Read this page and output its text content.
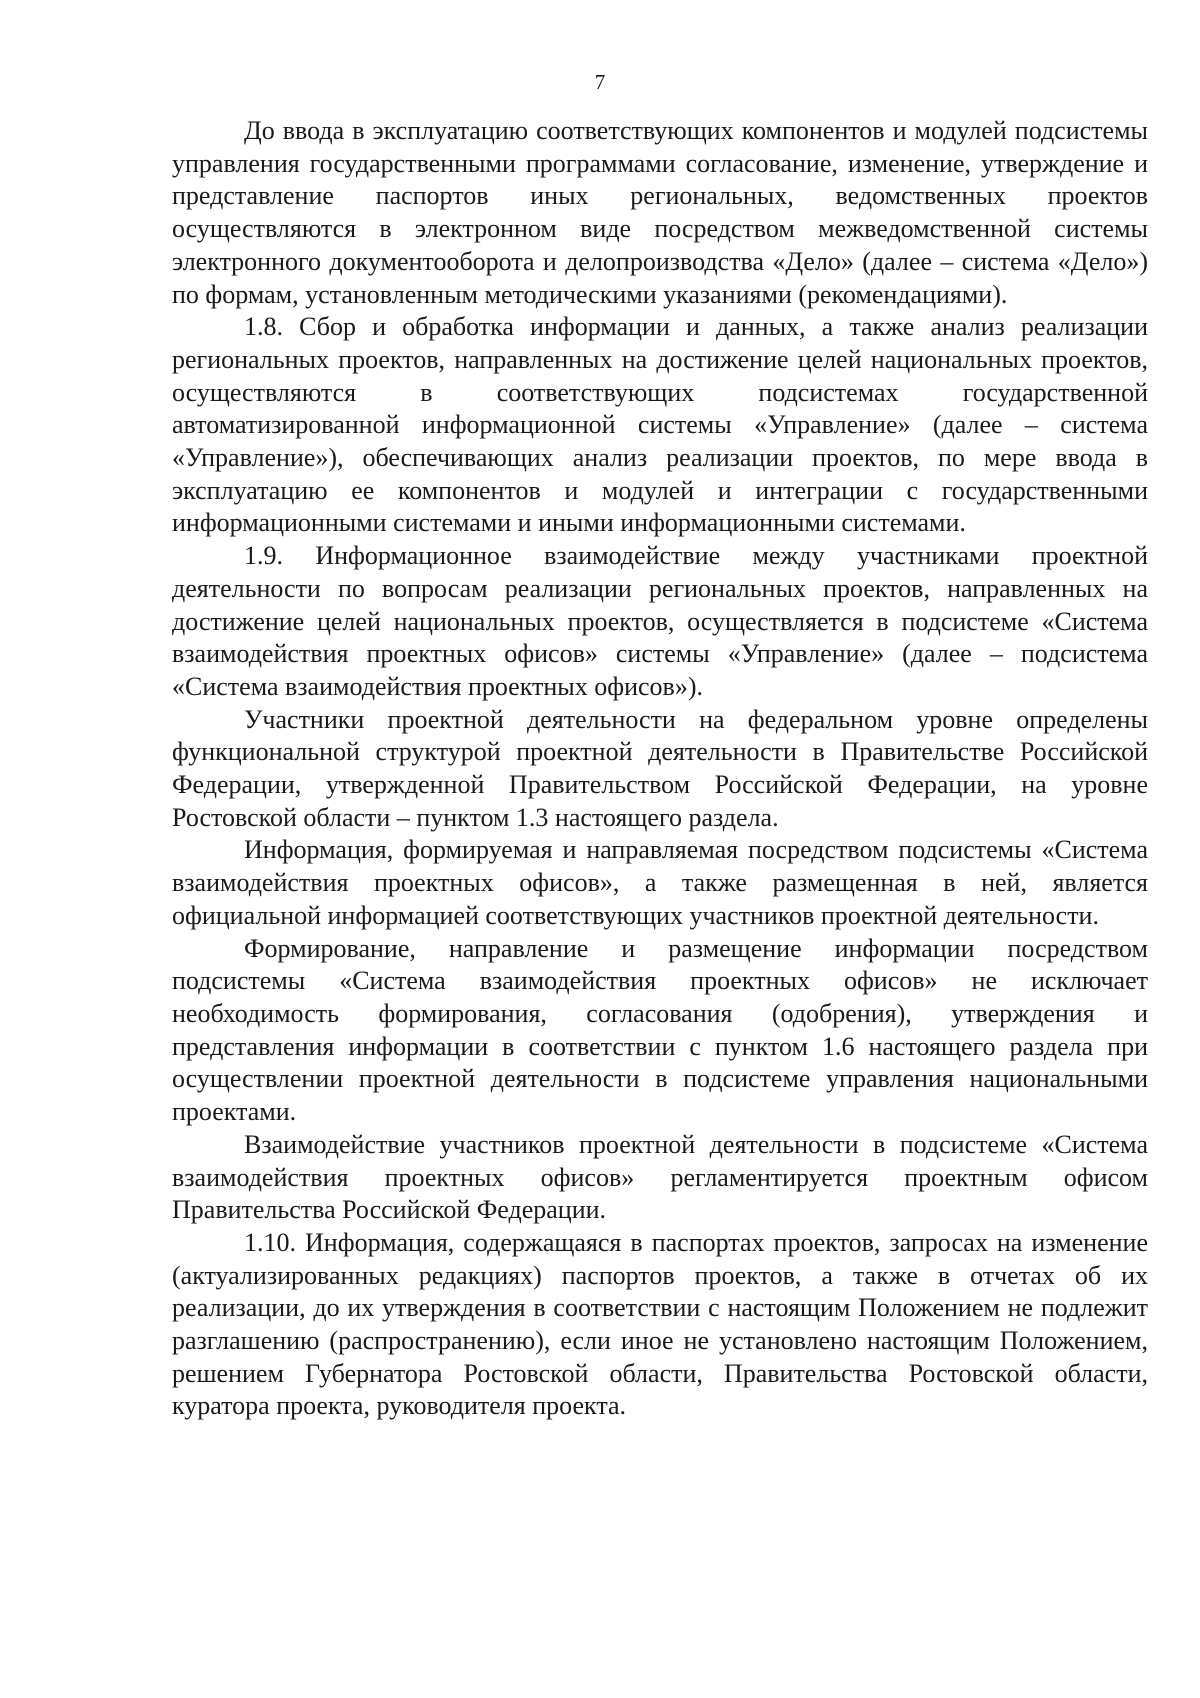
7

До ввода в эксплуатацию соответствующих компонентов и модулей подсистемы управления государственными программами согласование, изменение, утверждение и представление паспортов иных региональных, ведомственных проектов осуществляются в электронном виде посредством межведомственной системы электронного документооборота и делопроизводства «Дело» (далее – система «Дело») по формам, установленным методическими указаниями (рекомендациями).

1.8. Сбор и обработка информации и данных, а также анализ реализации региональных проектов, направленных на достижение целей национальных проектов, осуществляются в соответствующих подсистемах государственной автоматизированной информационной системы «Управление» (далее – система «Управление»), обеспечивающих анализ реализации проектов, по мере ввода в эксплуатацию ее компонентов и модулей и интеграции с государственными информационными системами и иными информационными системами.

1.9. Информационное взаимодействие между участниками проектной деятельности по вопросам реализации региональных проектов, направленных на достижение целей национальных проектов, осуществляется в подсистеме «Система взаимодействия проектных офисов» системы «Управление» (далее – подсистема «Система взаимодействия проектных офисов»).

Участники проектной деятельности на федеральном уровне определены функциональной структурой проектной деятельности в Правительстве Российской Федерации, утвержденной Правительством Российской Федерации, на уровне Ростовской области – пунктом 1.3 настоящего раздела.

Информация, формируемая и направляемая посредством подсистемы «Система взаимодействия проектных офисов», а также размещенная в ней, является официальной информацией соответствующих участников проектной деятельности.

Формирование, направление и размещение информации посредством подсистемы «Система взаимодействия проектных офисов» не исключает необходимость формирования, согласования (одобрения), утверждения и представления информации в соответствии с пунктом 1.6 настоящего раздела при осуществлении проектной деятельности в подсистеме управления национальными проектами.

Взаимодействие участников проектной деятельности в подсистеме «Система взаимодействия проектных офисов» регламентируется проектным офисом Правительства Российской Федерации.

1.10. Информация, содержащаяся в паспортах проектов, запросах на изменение (актуализированных редакциях) паспортов проектов, а также в отчетах об их реализации, до их утверждения в соответствии с настоящим Положением не подлежит разглашению (распространению), если иное не установлено настоящим Положением, решением Губернатора Ростовской области, Правительства Ростовской области, куратора проекта, руководителя проекта.
